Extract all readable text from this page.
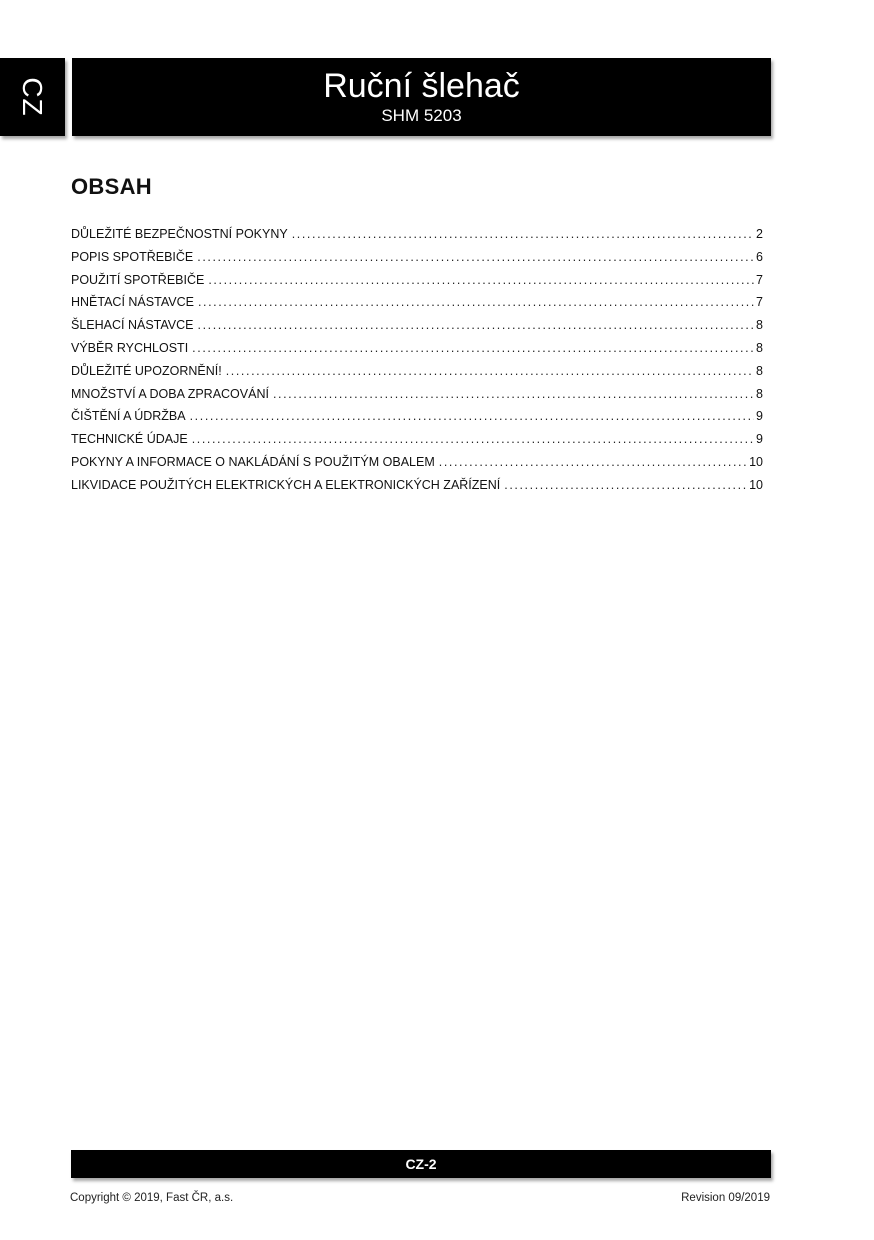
CZ	Ruční šlehač
SHM 5203
OBSAH
DŮLEŽITÉ BEZPEČNOSTNÍ POKYNY .....	2
POPIS SPOTŘEBIČE .....	6
POUŽITÍ SPOTŘEBIČE .....	7
HNĚTACÍ NÁSTAVCE .....	7
ŠLEHACÍ NÁSTAVCE .....	8
VÝBĚR RYCHLOSTI .....	8
DŮLEŽITÉ UPOZORNĚNÍ! .....	8
MNOŽSTVÍ A DOBA ZPRACOVÁNÍ .....	8
ČIŠTĚNÍ A ÚDRŽBA .....	9
TECHNICKÉ ÚDAJE .....	9
POKYNY A INFORMACE O NAKLÁDÁNÍ S POUŽITÝM OBALEM .....	10
LIKVIDACE POUŽITÝCH ELEKTRICKÝCH A ELEKTRONICKÝCH ZAŘÍZENÍ .....	10
CZ-2
Copyright © 2019, Fast ČR, a.s.	Revision 09/2019
